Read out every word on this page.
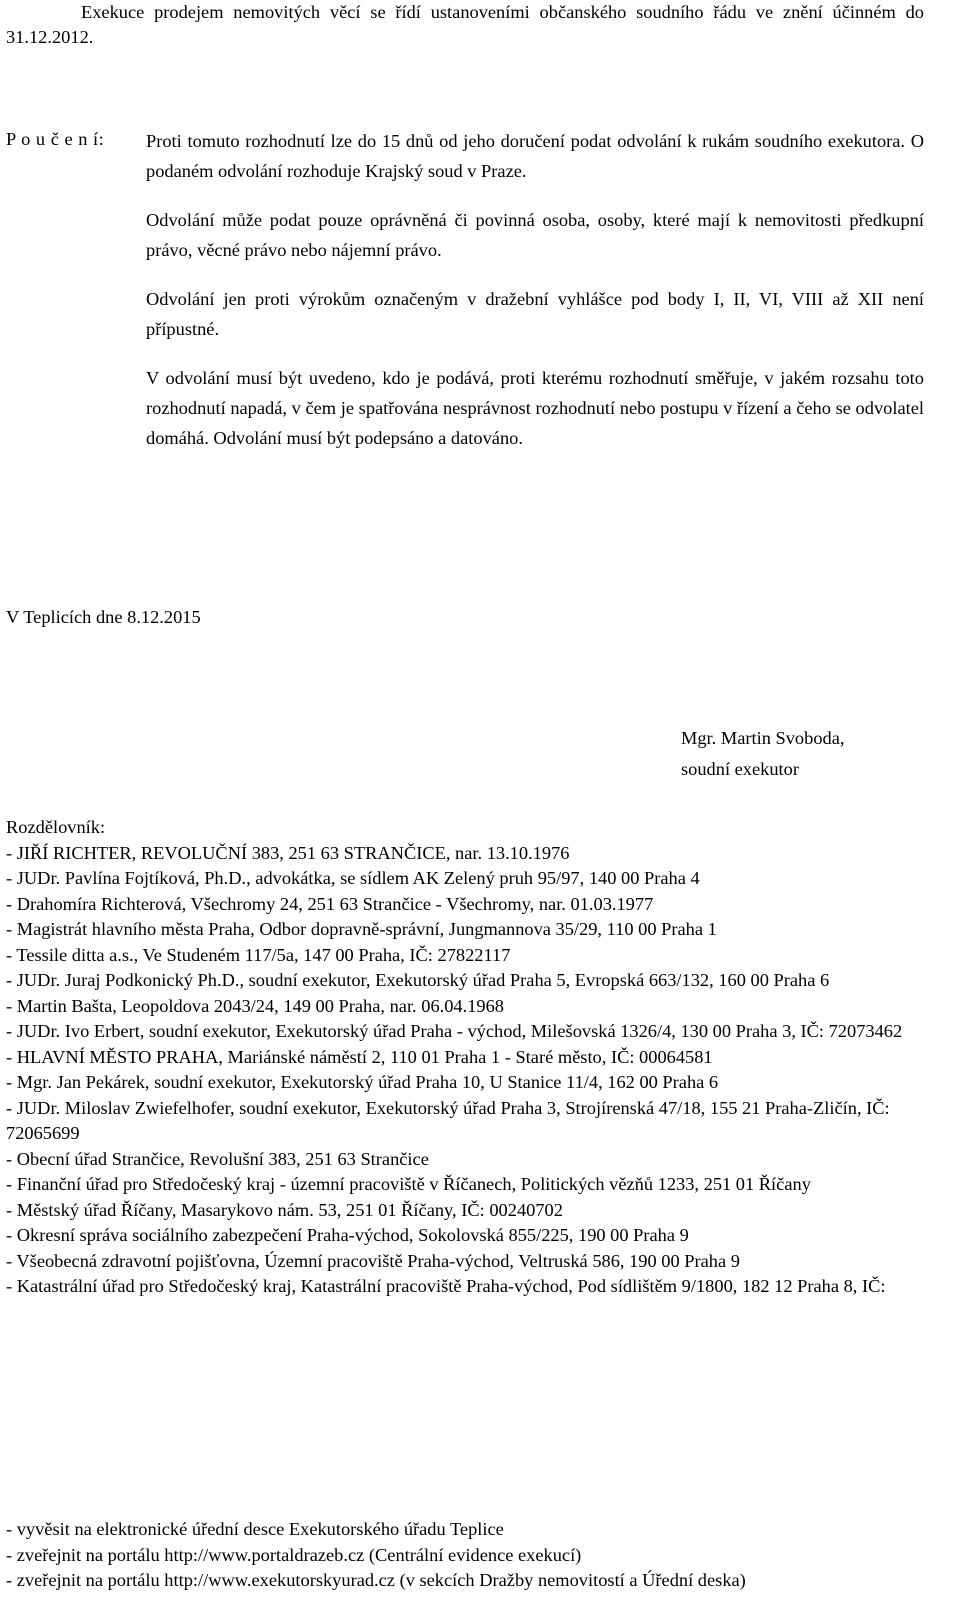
Exekuce prodejem nemovitých věcí se řídí ustanoveními občanského soudního řádu ve znění účinném do 31.12.2012.
P o u č e n í: Proti tomuto rozhodnutí lze do 15 dnů od jeho doručení podat odvolání k rukám soudního exekutora. O podaném odvolání rozhoduje Krajský soud v Praze.

Odvolání může podat pouze oprávněná či povinná osoba, osoby, které mají k nemovitosti předkupní právo, věcné právo nebo nájemní právo.

Odvolání jen proti výrokům označeným v dražební vyhlášce pod body I, II, VI, VIII až XII není přípustné.

V odvolání musí být uvedeno, kdo je podává, proti kterému rozhodnutí směřuje, v jakém rozsahu toto rozhodnutí napadá, v čem je spatřována nesprávnost rozhodnutí nebo postupu v řízení a čeho se odvolatel domáhá. Odvolání musí být podepsáno a datováno.

V Teplicích dne 8.12.2015
Mgr. Martin Svoboda,
soudní exekutor
Rozdělovník:
- JIŘÍ RICHTER, REVOLUČNÍ 383, 251 63 STRANČICE, nar. 13.10.1976
- JUDr. Pavlína Fojtíková, Ph.D., advokátka, se sídlem AK Zelený pruh 95/97, 140 00 Praha 4
- Drahomíra Richterová, Všechromy 24, 251 63 Strančice - Všechromy, nar. 01.03.1977
- Magistrát hlavního města Praha, Odbor dopravně-správní, Jungmannova 35/29, 110 00 Praha 1
- Tessile ditta a.s., Ve Studeném 117/5a, 147 00 Praha, IČ: 27822117
- JUDr. Juraj Podkonický Ph.D., soudní exekutor, Exekutorský úřad Praha 5, Evropská 663/132, 160 00 Praha 6
- Martin Bašta, Leopoldova 2043/24, 149 00 Praha, nar. 06.04.1968
- JUDr. Ivo Erbert, soudní exekutor, Exekutorský úřad Praha - východ, Milešovská 1326/4, 130 00 Praha 3, IČ: 72073462
- HLAVNÍ MĚSTO PRAHA, Mariánské náměstí 2, 110 01 Praha 1 - Staré město, IČ: 00064581
- Mgr. Jan Pekárek, soudní exekutor, Exekutorský úřad Praha 10, U Stanice 11/4, 162 00 Praha 6
- JUDr. Miloslav Zwiefelhofer, soudní exekutor, Exekutorský úřad Praha 3, Strojírenská 47/18, 155 21 Praha-Zličín, IČ: 72065699
- Obecní úřad Strančice, Revolušní 383, 251 63 Strančice
- Finanční úřad pro Středočeský kraj - územní pracoviště v Říčanech, Politických vězňů 1233, 251 01 Říčany
- Městský úřad Říčany, Masarykovo nám. 53, 251 01 Říčany, IČ: 00240702
- Okresní správa sociálního zabezpečení Praha-východ, Sokolovská 855/225, 190 00 Praha 9
- Všeobecná zdravotní pojišťovna, Územní pracoviště Praha-východ, Veltruská 586, 190 00 Praha 9
- Katastrální úřad pro Středočeský kraj, Katastrální pracoviště Praha-východ, Pod sídlištěm 9/1800, 182 12 Praha 8, IČ:
- vyvěsit na elektronické úřední desce Exekutorského úřadu Teplice
- zveřejnit na portálu http://www.portaldrazeb.cz (Centrální evidence exekucí)
- zveřejnit na portálu http://www.exekutorskyurad.cz (v sekcích Dražby nemovitostí a Úřední deska)
